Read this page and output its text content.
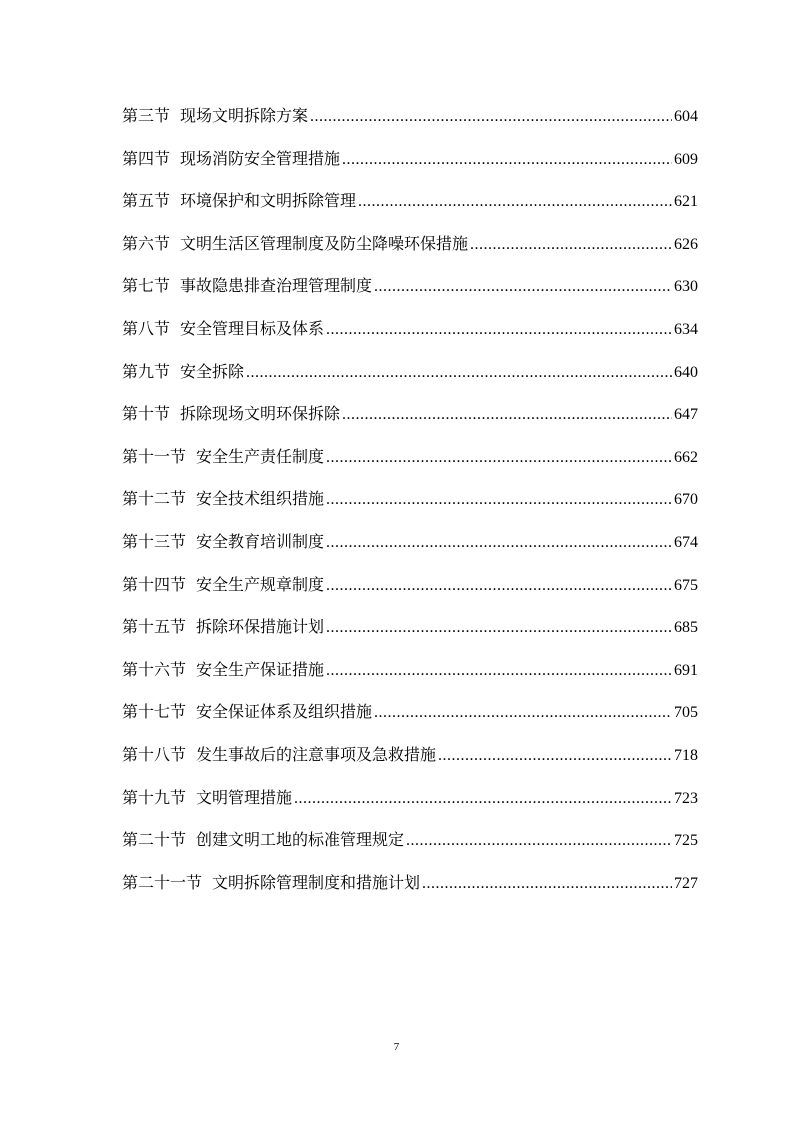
第三节 现场文明拆除方案 .....	604
第四节 现场消防安全管理措施 .....	609
第五节 环境保护和文明拆除管理 .....	621
第六节 文明生活区管理制度及防尘降噪环保措施 .....	626
第七节 事故隐患排查治理管理制度 .....	630
第八节 安全管理目标及体系 .....	634
第九节 安全拆除 .....	640
第十节 拆除现场文明环保拆除 .....	647
第十一节 安全生产责任制度 .....	662
第十二节 安全技术组织措施 .....	670
第十三节 安全教育培训制度 .....	674
第十四节 安全生产规章制度 .....	675
第十五节 拆除环保措施计划 .....	685
第十六节 安全生产保证措施 .....	691
第十七节 安全保证体系及组织措施 .....	705
第十八节 发生事故后的注意事项及急救措施 .....	718
第十九节 文明管理措施 .....	723
第二十节 创建文明工地的标准管理规定 .....	725
第二十一节 文明拆除管理制度和措施计划 .....	727
7
